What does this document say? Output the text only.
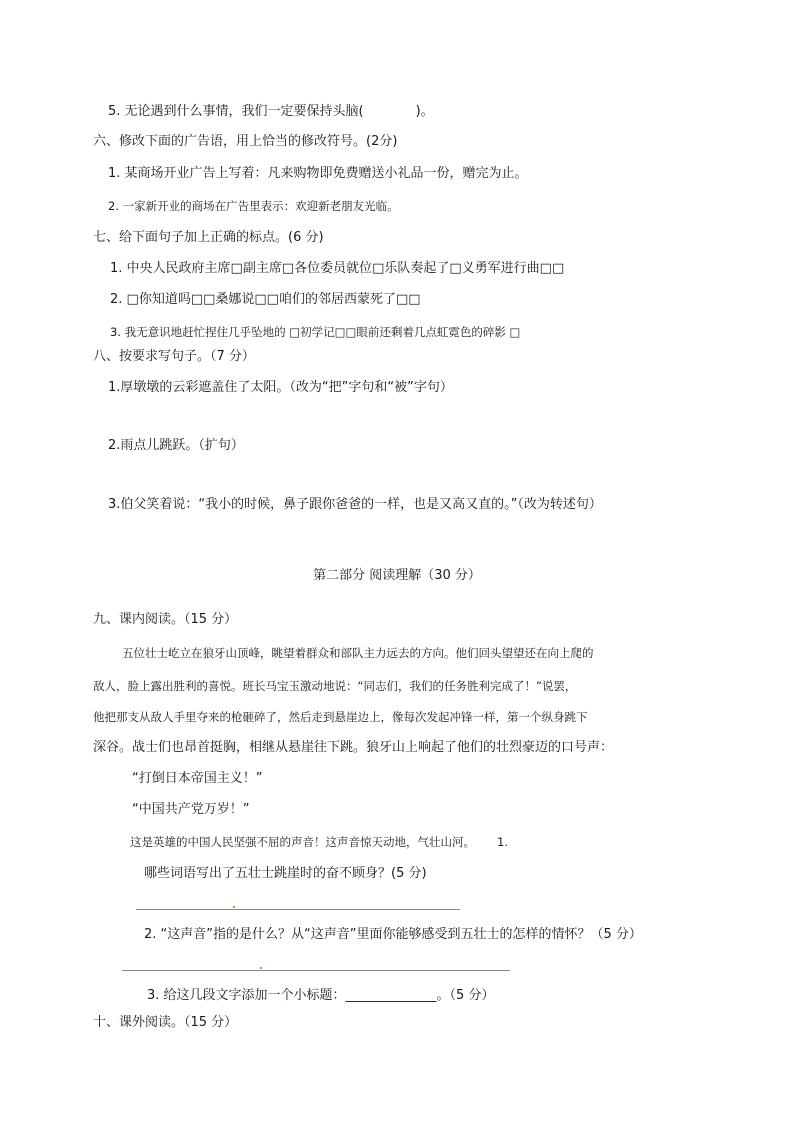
5. 无论遇到什么事情，我们一定要保持头脑(　　　　)。
六、修改下面的广告语，用上恰当的修改符号。(2分)
1. 某商场开业广告上写着：凡来购物即免费赠送小礼品一份，赠完为止。
2. 一家新开业的商场在广告里表示：欢迎新老朋友光临。
七、给下面句子加上正确的标点。(6 分)
1. 中央人民政府主席□副主席□各位委员就位□乐队奏起了□义勇军进行曲□□
2. □你知道吗□□桑娜说□□咱们的邻居西蒙死了□□
3. 我无意识地赶忙捏住几乎坠地的 □初学记□□眼前还剩着几点虹霓色的碎影 □
八、按要求写句子。（7 分）
1.厚墩墩的云彩遮盖住了太阳。（改为“把”字句和“被”字句）
2.雨点儿跳跃。（扩句）
3.伯父笑着说：“我小的时候，鼻子跟你爸爸的一样，也是又高又直的。”（改为转述句）
第二部分 阅读理解（30 分）
九、课内阅读。（15 分）
五位壮士屹立在狼牙山顶峰，眺望着群众和部队主力远去的方向。他们回头望望还在向上爬的
敌人，脸上露出胜利的喜悦。班长马宝玉激动地说：“同志们，我们的任务胜利完成了！”说罢，
他把那支从敌人手里夺来的枪砸碎了，然后走到悬崖边上，像每次发起冲锋一样，第一个纵身跳下
深谷。战士们也昂首挺胸，相继从悬崖往下跳。狼牙山上响起了他们的壮烈豪迈的口号声：
“打倒日本帝国主义！”
“中国共产党万岁！”
这是英雄的中国人民坚强不屈的声音！这声音惊天动地，气壮山河。 1.
哪些词语写出了五壮士跳崖时的奋不顾身？(5 分)
2. “这声音”指的是什么？从“这声音”里面你能够感受到五壮士的怎样的情怀？（5 分）
3. 给这几段文字添加一个小标题：______________。（5 分）
十、课外阅读。（15 分）
